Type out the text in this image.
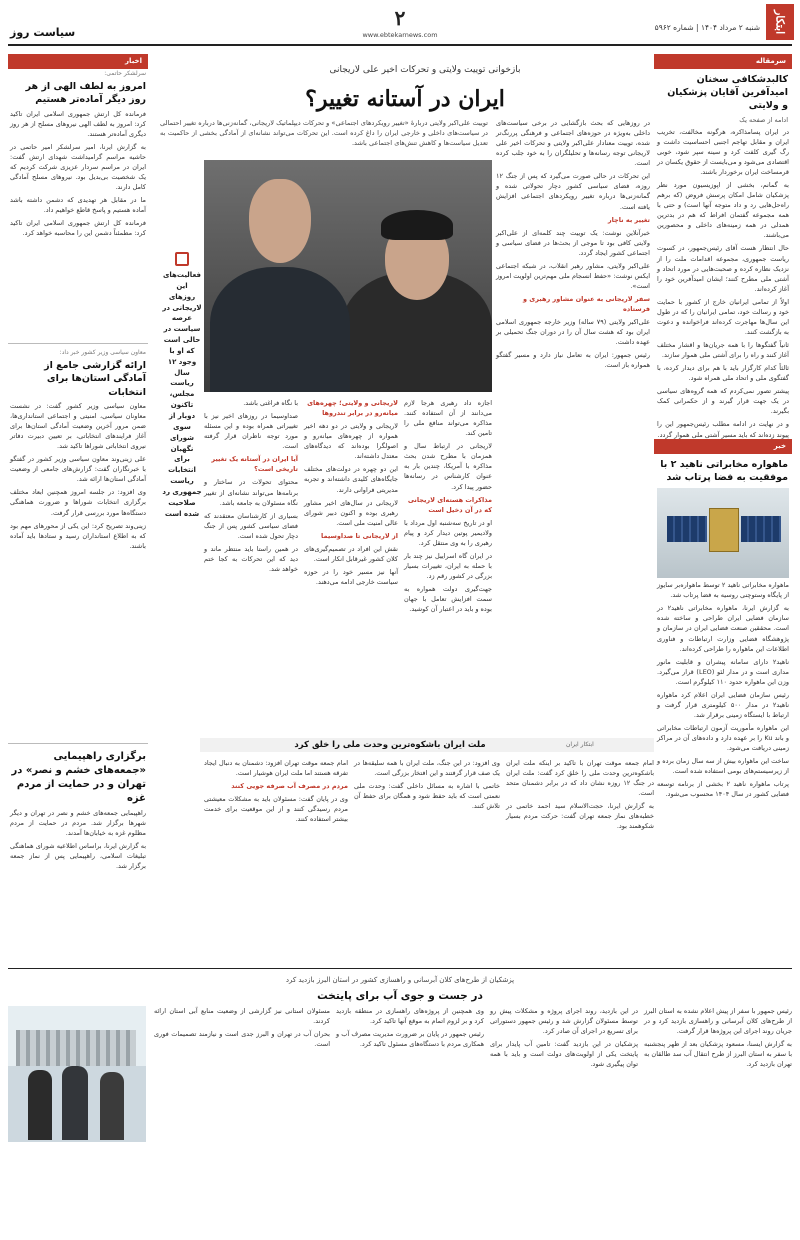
ابتکار
شنبه ۲ مرداد ۱۴۰۴ | شماره ۵۹۶۲
۲
www.ebtekarnews.com
سیاست روز
سرمقاله
کالبدشکافی سخنان امیدآفرین آقایان پزشکیان و ولایتی
ادامه از صفحه یک

در ایران پسامذاکره، هرگونه مخالفت، تخریب ایران و مقابل تهاجم اجنبی احساسیت داشت و رگ گیری کلفت کرد و سینه سپر شود، خوبی اقتصادی می‌شود و می‌بایست از حقوق یکسان در قرمساخت ایران برخوردار باشند.

به گمانم، بخشی از اپوزیسیون مورد نظر پزشکیان شامل امکان پرسش فروض (که برهم راه‌حل‌هایی رد و داد متوجه آنها است) و حتی با همه مجموعه گفتمان افراط که هم در بدترین همدلی در همه زمینه‌های داخلی و محصورین می‌باشند.

حال انتظار هست آقای رئیس‌جمهور، در کسوت ریاست جمهوری، مجموعه اقدامات ملت را از نزدیک نظاره کرده و صحبت‌هایی در مورد اتحاد و آشتی ملی مطرح کنند؛ ایشان امیدآفرین خود را آغاز کرده‌اند.

اولاً از تمامی ایرانیان خارج از کشور با حمایت خود و رسالت خود، تمامی ایرانیان را که در طول این سال‌ها مهاجرت کرده‌اند فراخوانده و دعوت به بازگشت کنند.

ثانیاً گفتگوها را با همه جریان‌ها و اقشار مختلف آغاز کنند و راه را برای آشتی ملی هموار سازند.

ثالثاً کدام کارگزار باید با هم برای دیدار کرده، با گفتگوی ملی و اتحاد ملی همراه شود.

پیشتر تصور نمی‌کردم که همه گروه‌های سیاسی در یک جهت قرار گیرند و از حکمرانی کمک بگیرند.

و در نهایت در ادامه مطلب رئیس‌جمهور این را پیوند زده‌اند که باید مسیر آشتی ملی هموار گردد.

خبر
ماهواره مخابراتی ناهید ۲ با موفقیت به فضا پرتاب شد

ماهواره مخابراتی ناهید ۲ توسط ماهواره‌بر سایوز از پایگاه وستوچنی روسیه به فضا پرتاب شد.

به گزارش ایرنا، ماهواره مخابراتی ناهید۲ در سازمان فضایی ایران طراحی و ساخته شده است. محققین صنعت فضایی ایران در سازمان و پژوهشگاه فضایی وزارت ارتباطات و فناوری اطلاعات این ماهواره را طراحی کرده‌اند.

ناهید۲ دارای سامانه پیشران و قابلیت مانور مداری است و در مدار لئو (LEO) قرار می‌گیرد. وزن این ماهواره حدود ۱۱۰ کیلوگرم است.

رئیس سازمان فضایی ایران اعلام کرد ماهواره ناهید۲ در مدار ۵۰۰ کیلومتری قرار گرفت و ارتباط با ایستگاه زمینی برقرار شد.

این ماهواره مأموریت آزمون ارتباطات مخابراتی و باند Ku را بر عهده دارد و داده‌های آن در مراکز زمینی دریافت می‌شود.

ساخت این ماهواره بیش از سه سال زمان برده و از زیرسیستم‌های بومی استفاده شده است.

پرتاب ماهواره ناهید ۲ بخشی از برنامه توسعه فضایی کشور در سال ۱۴۰۴ محسوب می‌شود.

اخبار
سرلشکر حاتمی:
امروز به لطف الهی از هر روز دیگر آماده‌تر هستیم

فرمانده کل ارتش جمهوری اسلامی ایران تاکید کرد: امروز به لطف الهی نیروهای مسلح از هر روز دیگری آماده‌تر هستند.

به گزارش ایرنا، امیر سرلشکر امیر حاتمی در حاشیه مراسم گرامیداشت شهدای ارتش گفت: ایران در مراسم سردار عزیزی شرکت کردیم که یک شخصیت بی‌بدیل بود. نیروهای مسلح آمادگی کامل دارند.

ما در مقابل هر تهدیدی که دشمن داشته باشد آماده هستیم و پاسخ قاطع خواهیم داد.

فرمانده کل ارتش جمهوری اسلامی ایران تاکید کرد: مطمئناً دشمن این را محاسبه خواهد کرد.

معاون سیاسی وزیر کشور خبر داد:
ارائه گزارشی جامع از آمادگی استان‌ها برای انتخابات

معاون سیاسی وزیر کشور گفت: در نشست معاونان سیاسی، امنیتی و اجتماعی استانداری‌ها، ضمن مرور آخرین وضعیت آمادگی استان‌ها برای آغاز فرایندهای انتخاباتی، بر تعیین دبیرت دفاتر نیروی انتخاباتی شوراها تاکید شد.

علی زینی‌وند معاون سیاسی وزیر کشور در گفتگو با خبرنگاران گفت: گزارش‌های جامعی از وضعیت آمادگی استان‌ها ارائه شد.

وی افزود: در جلسه امروز همچنین ابعاد مختلف برگزاری انتخابات شوراها و ضرورت هماهنگی دستگاه‌ها مورد بررسی قرار گرفت.

زینی‌وند تصریح کرد: این یکی از محورهای مهم بود که به اطلاع استانداران رسید و ستادها باید آماده باشند.

برگزاری راهپیمایی «جمعه‌های خشم و نصر» در تهران و در حمایت از مردم غزه

راهپیمایی جمعه‌های خشم و نصر در تهران و دیگر شهرها برگزار شد. مردم در حمایت از مردم مظلوم غزه به خیابان‌ها آمدند.

به گزارش ایرنا، براساس اطلاعیه شورای هماهنگی تبلیغات اسلامی، راهپیمایی پس از نماز جمعه برگزار شد.

بازخوانی توییت ولایتی و تحرکات اخیر علی لاریجانی
ایران در آستانه تغییر؟
توییت علی‌اکبر ولایتی دربارهٔ «تغییر رویکردهای اجتماعی» و تحرکات دیپلماتیک لاریجانی، گمانه‌زنی‌ها درباره تغییر احتمالی در سیاست‌های داخلی و خارجی ایران را داغ کرده است. این تحرکات می‌تواند نشانه‌ای از آمادگی بخشی از حاکمیت به تعدیل سیاست‌ها و کاهش تنش‌های اجتماعی باشد.
فعالیت‌های این روزهای لاریجانی در عرصه سیاست در حالی است که او با وجود ۱۲ سال ریاست مجلس، تاکنون دوبار از سوی شورای نگهبان برای انتخابات ریاست جمهوری رد صلاحیت شده است

در روزهایی که بحث بازگشایی در برخی سیاست‌های داخلی به‌ویژه در حوزه‌های اجتماعی و فرهنگی پررنگ‌تر شده، توییت معنادار علی‌اکبر ولایتی و تحرکات اخیر علی لاریجانی توجه رسانه‌ها و تحلیلگران را به خود جلب کرده است.

این تحرکات در حالی صورت می‌گیرد که پس از جنگ ۱۲ روزه، فضای سیاسی کشور دچار تحولاتی شده و گمانه‌زنی‌ها درباره تغییر رویکردهای اجتماعی افزایش یافته است.

تغییر به ناچار

خبرآنلاین نوشت: یک توییت چند کلمه‌ای از علی‌اکبر ولایتی کافی بود تا موجی از بحث‌ها در فضای سیاسی و اجتماعی کشور ایجاد گردد.

علی‌اکبر ولایتی، مشاور رهبر انقلاب، در شبکه اجتماعی ایکس نوشت: «حفظ انسجام ملی مهم‌ترین اولویت امروز است».

سفر لاریجانی به عنوان مشاور رهبری و فرستاده

علی‌اکبر ولایتی (۷۹ ساله) وزیر خارجه جمهوری اسلامی ایران بود که هشت سال آن را در دوران جنگ تحمیلی بر عهده داشت.

رئیس جمهور: ایران به تعامل نیاز دارد و مسیر گفتگو همواره باز است.

اجازه داد رهبری هرجا لازم می‌دانند از آن استفاده کنند. مذاکره می‌تواند منافع ملی را تامین کند.

لاریجانی در ارتباط سال و همزمان با مطرح شدن بحث مذاکره با آمریکا، چندین بار به عنوان کارشناس در رسانه‌ها حضور پیدا کرد.

مذاکرات هسته‌ای لاریجانی که در آن دخیل است

او در تاریخ سه‌شنبه اول مرداد با ولادیمیر پوتین دیدار کرد و پیام رهبری را به وی منتقل کرد.

در ایران گاه اسراییل نیز چند بار با حمله به ایران، تغییرات بسیار بزرگی در کشور رقم زد.

جهت‌گیری دولت همواره به سمت افزایش تعامل با جهان بوده و باید در اعتبار آن کوشید.

لاریجانی و ولایتی؛ چهره‌های میانه‌رو در برابر تندروها

لاریجانی و ولایتی در دو دهه اخیر همواره از چهره‌های میانه‌رو و اصولگرا بوده‌اند که دیدگاه‌های معتدل داشته‌اند.

این دو چهره در دولت‌های مختلف جایگاه‌های کلیدی داشته‌اند و تجربه مدیریتی فراوانی دارند.

لاریجانی در سال‌های اخیر مشاور رهبری بوده و اکنون دبیر شورای عالی امنیت ملی است.

از لاریجانی تا صداوسیما

نقش این افراد در تصمیم‌گیری‌های کلان کشور غیرقابل انکار است.

آنها نیز مسیر خود را در حوزه سیاست خارجی ادامه می‌دهند.

با نگاه فراغتی باشد.

صداوسیما در روزهای اخیر نیز با تغییراتی همراه بوده و این مسئله مورد توجه ناظران قرار گرفته است.

آیا ایران در آستانه یک تغییر تاریخی است؟

محتوای تحولات در ساختار و برنامه‌ها می‌تواند نشانه‌ای از تغییر نگاه مسئولان به جامعه باشد.

بسیاری از کارشناسان معتقدند که فضای سیاسی کشور پس از جنگ دچار تحول شده است.

در همین راستا باید منتظر ماند و دید که این تحرکات به کجا ختم خواهد شد.

ملت ایران باشکوه‌ترین وحدت ملی را خلق کرد	ابتکار ایران

امام جمعه موقت تهران با تاکید بر اینکه ملت ایران باشکوه‌ترین وحدت ملی را خلق کرد گفت: ملت ایران در جنگ ۱۲ روزه نشان داد که در برابر دشمنان متحد است.

به گزارش ایرنا، حجت‌الاسلام سید احمد خاتمی در خطبه‌های نماز جمعه تهران گفت: حرکت مردم بسیار شکوهمند بود.

وی افزود: در این جنگ، ملت ایران با همه سلیقه‌ها در یک صف قرار گرفتند و این افتخار بزرگی است.

خاتمی با اشاره به مسائل داخلی گفت: وحدت ملی نعمتی است که باید حفظ شود و همگان برای حفظ آن تلاش کنند.

امام جمعه موقت تهران افزود: دشمنان به دنبال ایجاد تفرقه هستند اما ملت ایران هوشیار است.

مردم در مصرف آب صرفه جویی کنند

وی در پایان گفت: مسئولان باید به مشکلات معیشتی مردم رسیدگی کنند و از این موقعیت برای خدمت بیشتر استفاده کنند.

پزشکیان از طرح‌های کلان آبرسانی و راهسازی کشور در استان البرز بازدید کرد
در جست و جوی آب برای پایتخت

رئیس جمهور با سفر از پیش اعلام نشده به استان البرز از طرح‌های کلان آبرسانی و راهسازی بازدید کرد و در جریان روند اجرای این پروژه‌ها قرار گرفت.

به گزارش ایسنا، مسعود پزشکیان بعد از ظهر پنجشنبه با سفر به استان البرز از طرح انتقال آب سد طالقان به تهران بازدید کرد.

در این بازدید، روند اجرای پروژه و مشکلات پیش رو توسط مسئولان گزارش شد و رئیس جمهور دستوراتی برای تسریع در اجرای آن صادر کرد.

پزشکیان در این بازدید گفت: تامین آب پایدار برای پایتخت یکی از اولویت‌های دولت است و باید با همه توان پیگیری شود.

وی همچنین از پروژه‌های راهسازی در منطقه بازدید کرد و بر لزوم اتمام به موقع آنها تاکید کرد.

رئیس جمهور در پایان بر ضرورت مدیریت مصرف آب و همکاری مردم با دستگاه‌های مسئول تاکید کرد.

مسئولان استانی نیز گزارشی از وضعیت منابع آبی استان ارائه کردند.

بحران آب در تهران و البرز جدی است و نیازمند تصمیمات فوری است.
